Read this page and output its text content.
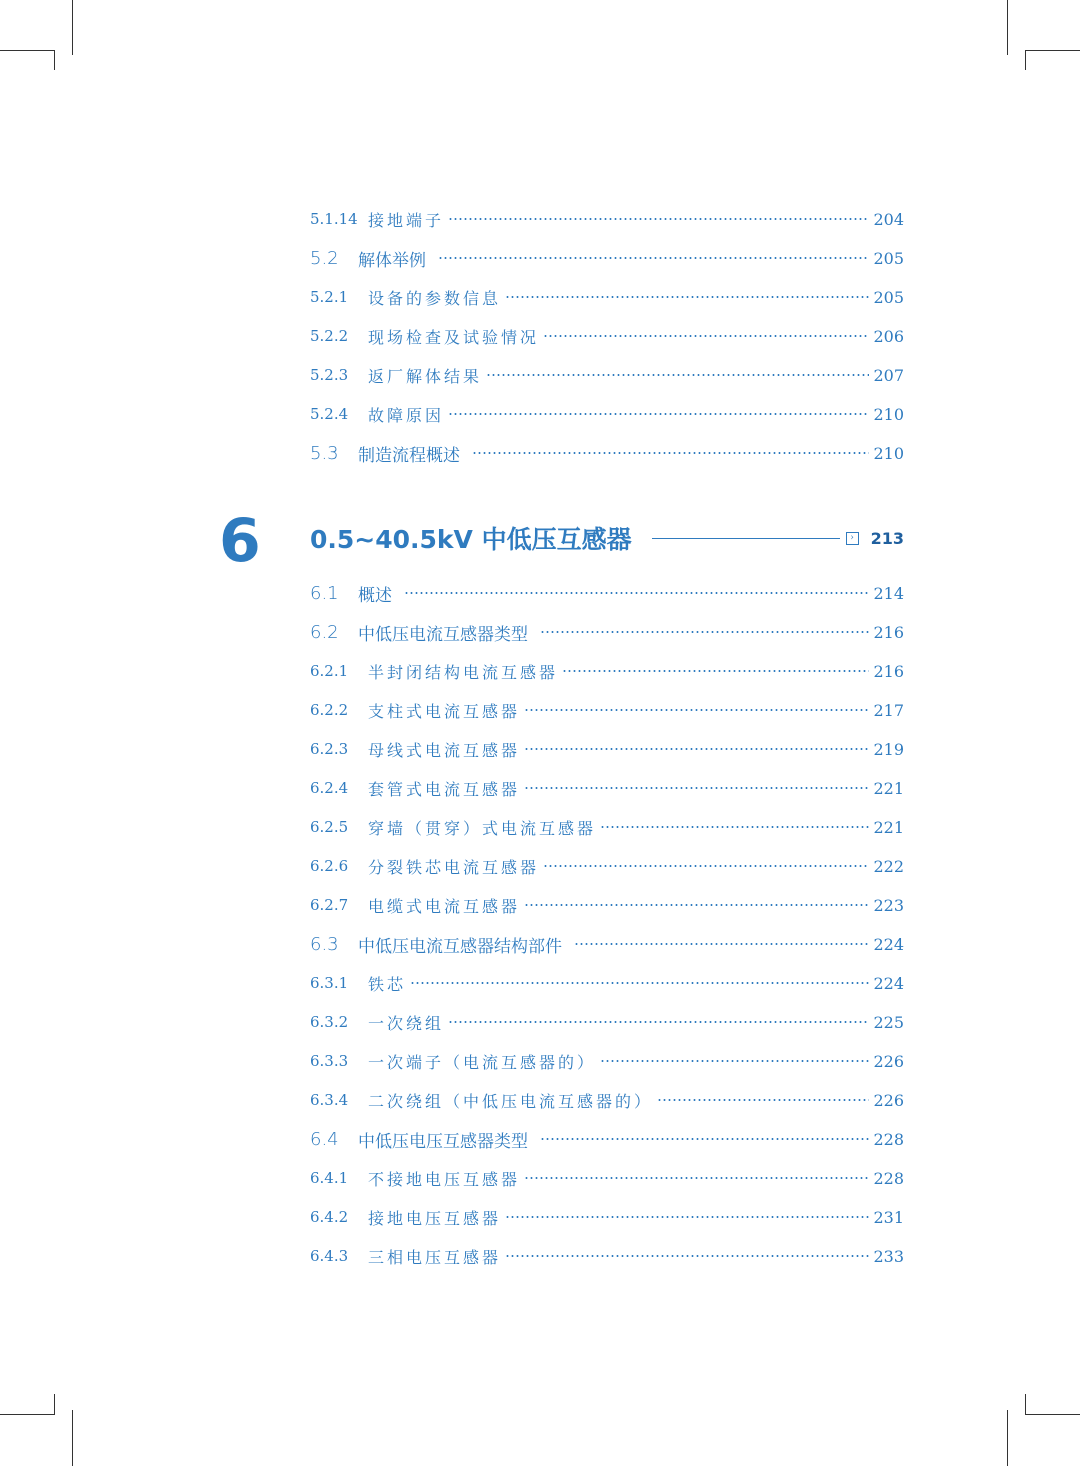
5.1.14 接地端子	204
5.2	解体举例	205
5.2.1	设备的参数信息	205
5.2.2	现场检查及试验情况	206
5.2.3	返厂解体结果	207
5.2.4	故障原因	210
5.3	制造流程概述	210
6 0.5~40.5kV 中低压互感器	› 213
6.1	概述	214
6.2	中低压电流互感器类型	216
6.2.1	半封闭结构电流互感器	216
6.2.2	支柱式电流互感器	217
6.2.3	母线式电流互感器	219
6.2.4	套管式电流互感器	221
6.2.5	穿墙（贯穿）式电流互感器	221
6.2.6	分裂铁芯电流互感器	222
6.2.7	电缆式电流互感器	223
6.3	中低压电流互感器结构部件	224
6.3.1	铁芯	224
6.3.2	一次绕组	225
6.3.3	一次端子（电流互感器的）	226
6.3.4	二次绕组（中低压电流互感器的）	226
6.4	中低压电压互感器类型	228
6.4.1	不接地电压互感器	228
6.4.2	接地电压互感器	231
6.4.3	三相电压互感器	233
